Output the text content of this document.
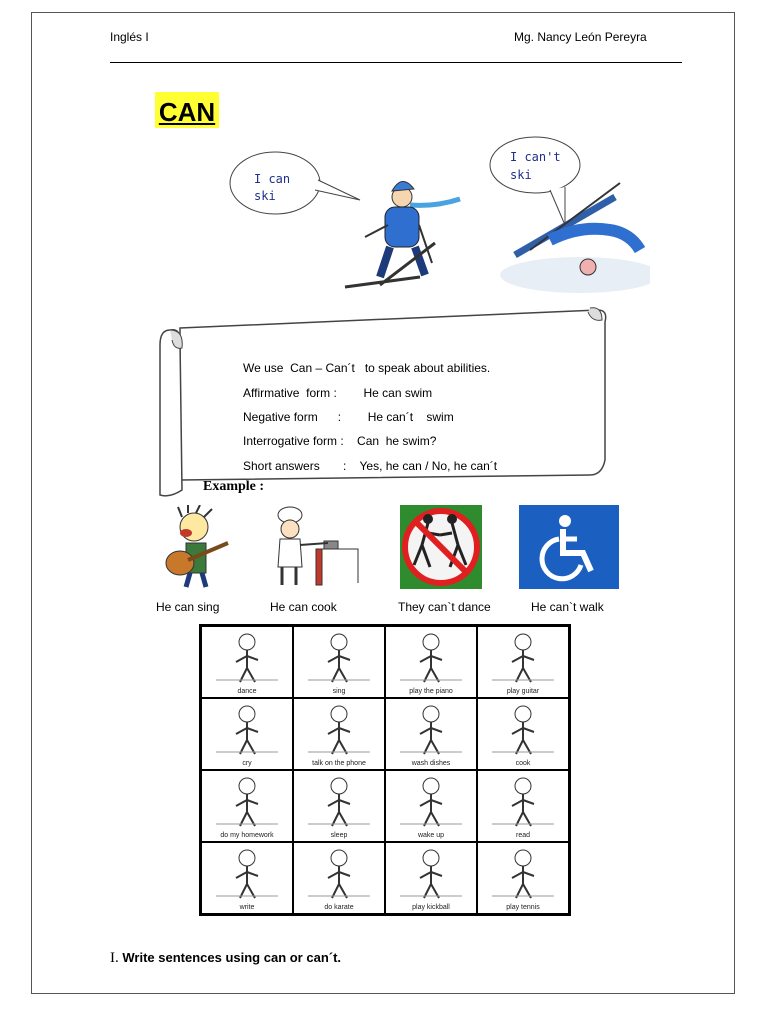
Inglés I	Mg. Nancy León Pereyra
CAN
I can
ski
I can't
ski
We use  Can – Can´t   to speak about abilities.
Affirmative  form :        He can swim
Negative form      :        He can´t    swim
Interrogative form :    Can  he swim?
Short answers       :    Yes, he can / No, he can´t
Example :
He can sing	He can cook	They can`t dance	He can`t walk
dance	sing	play the piano	play guitar
cry	talk on the phone	wash dishes	cook
do my homework	sleep	wake up	read
write	do karate	play kickball	play tennis
I. Write sentences using can or can´t.
